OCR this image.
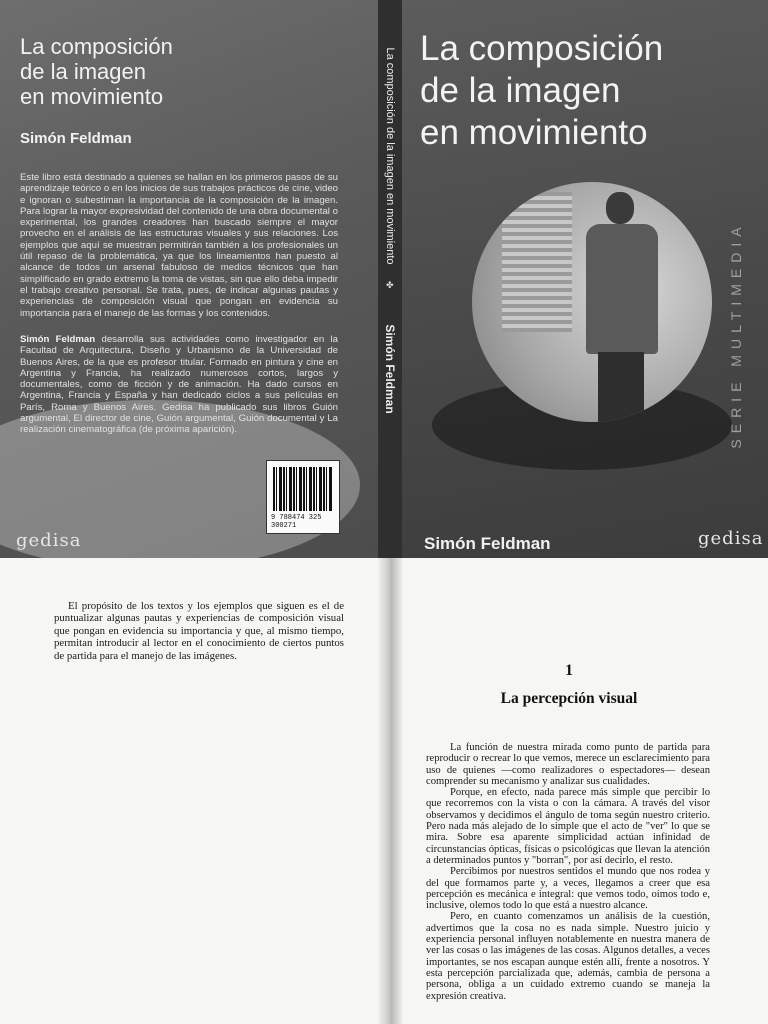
La composición
de la imagen
en movimiento
Simón Feldman

Este libro está destinado a quienes se hallan en los primeros pasos de su aprendizaje teórico o en los inicios de sus trabajos prácticos de cine, video e ignoran o subestiman la importancia de la composición de la imagen. Para lograr la mayor expresividad del contenido de una obra documental o experimental, los grandes creadores han buscado siempre el mayor provecho en el análisis de las estructuras visuales y sus relaciones. Los ejemplos que aquí se muestran permitirán también a los profesionales un útil repaso de la problemática, ya que los lineamientos han puesto al alcance de todos un arsenal fabuloso de medios técnicos que han simplificado en grado extremo la toma de vistas, sin que ello deba impedir el trabajo creativo personal. Se trata, pues, de indicar algunas pautas y experiencias de composición visual que pongan en evidencia su importancia para el manejo de las formas y los contenidos.

Simón Feldman desarrolla sus actividades como investigador en la Facultad de Arquitectura, Diseño y Urbanismo de la Universidad de Buenos Aires, de la que es profesor titular. Formado en pintura y cine en Argentina y Francia, ha realizado numerosos cortos, largos y documentales, como de ficción y de animación. Ha dado cursos en Argentina, Francia y España y han dedicado ciclos a sus películas en París, Roma y Buenos Aires. Gedisa ha publicado sus libros Guión argumental, El director de cine, Guión argumental, Guión documental y La realización cinematográfica (de próxima aparición).

9 788474 325 300271
gedisa
La composición de la imagen en movimiento
✤
Simón Feldman
La composición
de la imagen
en movimiento
SERIE MULTIMEDIA
Simón Feldman	gedisa

El propósito de los textos y los ejemplos que siguen es el de puntualizar algunas pautas y experiencias de composición visual que pongan en evidencia su importancia y que, al mismo tiempo, permitan introducir al lector en el conocimiento de ciertos puntos de partida para el manejo de las imágenes.

1
La percepción visual

La función de nuestra mirada como punto de partida para reproducir o recrear lo que vemos, merece un esclarecimiento para uso de quienes —como realizadores o espectadores— desean comprender su mecanismo y analizar sus cualidades.

Porque, en efecto, nada parece más simple que percibir lo que recorremos con la vista o con la cámara. A través del visor observamos y decidimos el ángulo de toma según nuestro criterio. Pero nada más alejado de lo simple que el acto de "ver" lo que se mira. Sobre esa aparente simplicidad actúan infinidad de circunstancias ópticas, físicas o psicológicas que llevan la atención a determinados puntos y "borran", por así decirlo, el resto.

Percibimos por nuestros sentidos el mundo que nos rodea y del que formamos parte y, a veces, llegamos a creer que esa percepción es mecánica e integral: que vemos todo, oímos todo e, inclusive, olemos todo lo que está a nuestro alcance.

Pero, en cuanto comenzamos un análisis de la cuestión, advertimos que la cosa no es nada simple. Nuestro juicio y experiencia personal influyen notablemente en nuestra manera de ver las cosas o las imágenes de las cosas. Algunos detalles, a veces importantes, se nos escapan aunque estén allí, frente a nosotros. Y esta percepción parcializada que, además, cambia de persona a persona, obliga a un cuidado extremo cuando se maneja la expresión creativa.
